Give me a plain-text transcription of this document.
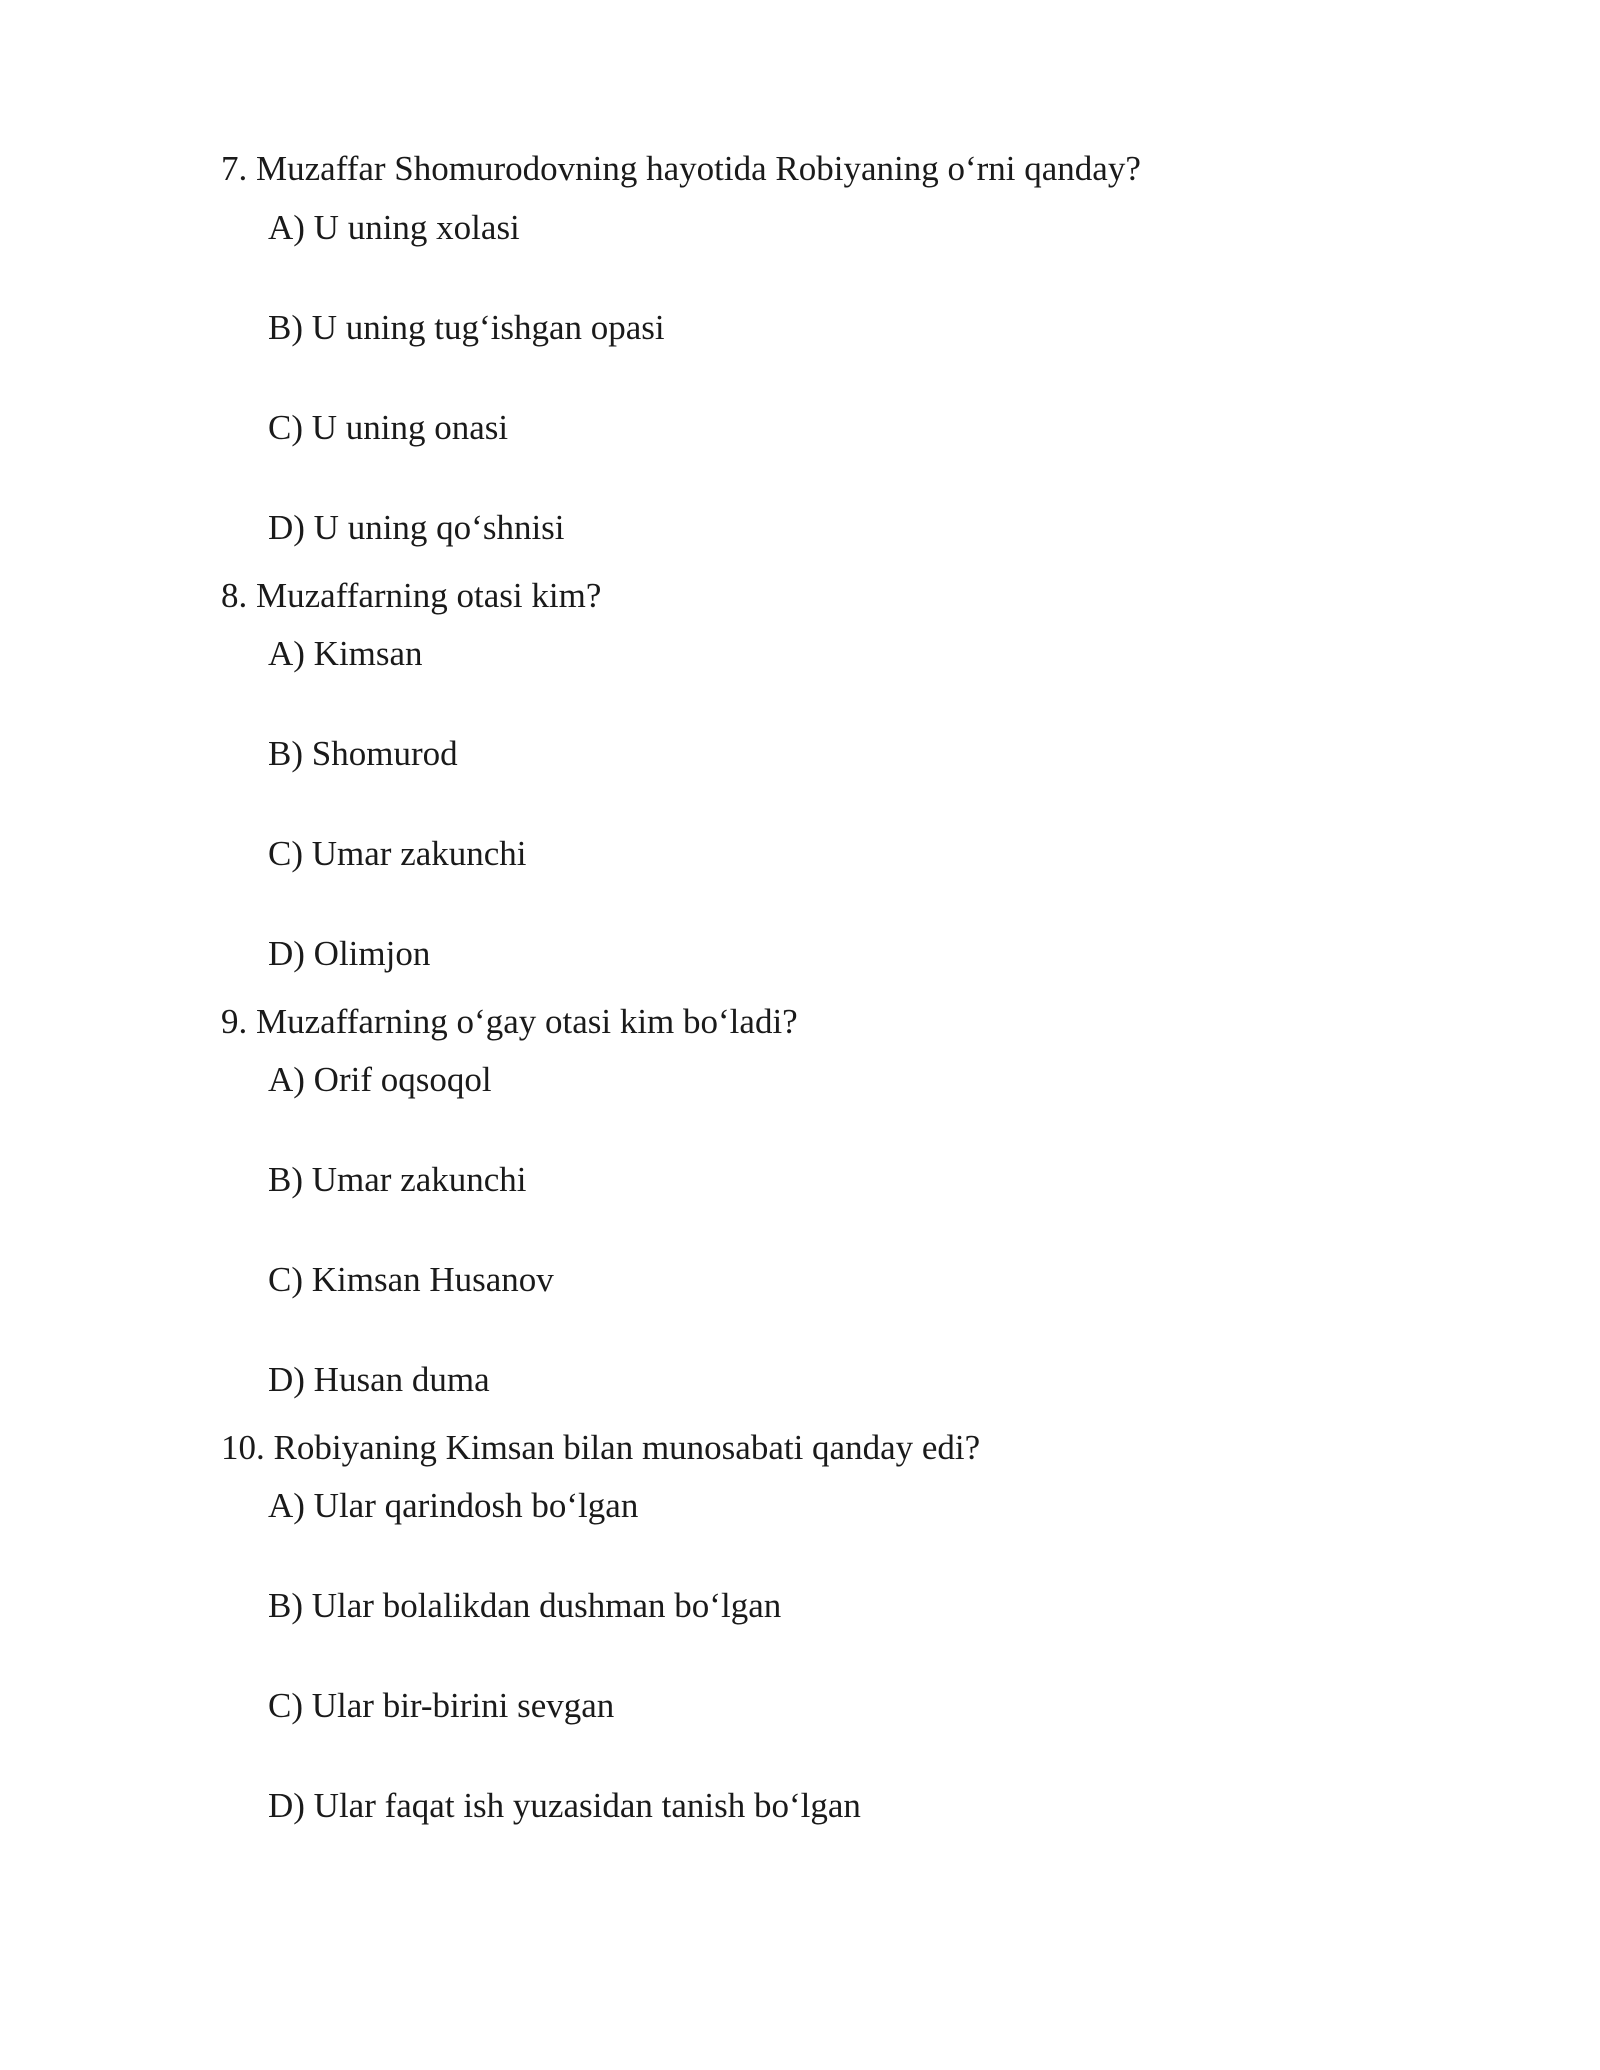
7. Muzaffar Shomurodovning hayotida Robiyaning o‘rni qanday?
A) U uning xolasi
B) U uning tug‘ishgan opasi
C) U uning onasi
D) U uning qo‘shnisi
8. Muzaffarning otasi kim?
A) Kimsan
B) Shomurod
C) Umar zakunchi
D) Olimjon
9. Muzaffarning o‘gay otasi kim bo‘ladi?
A) Orif oqsoqol
B) Umar zakunchi
C) Kimsan Husanov
D) Husan duma
10. Robiyaning Kimsan bilan munosabati qanday edi?
A) Ular qarindosh bo‘lgan
B) Ular bolalikdan dushman bo‘lgan
C) Ular bir-birini sevgan
D) Ular faqat ish yuzasidan tanish bo‘lgan
